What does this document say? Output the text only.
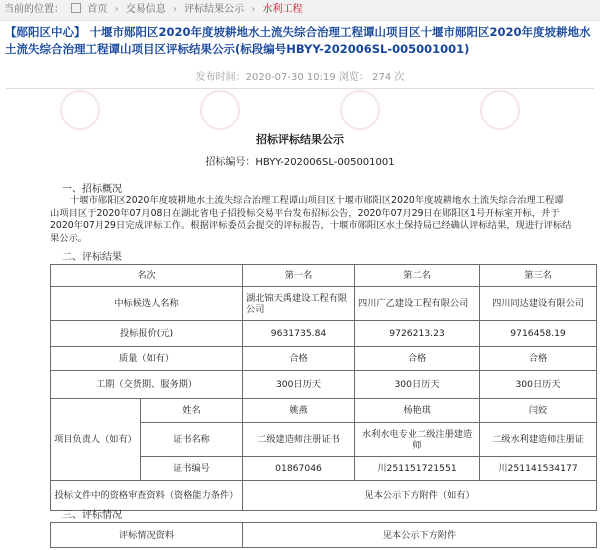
当前的位置： 首页 › 交易信息 › 评标结果公示 › 水利工程
【郧阳区中心】 十堰市郧阳区2020年度坡耕地水土流失综合治理工程谭山项目区十堰市郧阳区2020年度坡耕地水土流失综合治理工程谭山项目区评标结果公示(标段编号HBYY-202006SL-005001001)
发布时间：2020-07-30 10:19 浏览： 274 次
招标评标结果公示
招标编号：HBYY-202006SL-005001001
一、招标概况
十堰市郧阳区2020年度坡耕地水土流失综合治理工程谭山项目区十堰市郧阳区2020年度坡耕地水土流失综合治理工程谭山项目区于2020年07月08日在湖北省电子招投标交易平台发布招标公告，2020年07月29日在郧阳区1号开标室开标，并于2020年07月29日完成评标工作。根据评标委员会提交的评标报告，十堰市郧阳区水土保持局已经确认评标结果，现进行评标结果公示。
二、评标结果
名次		第一名	第二名	第三名
中标候选人名称		湖北锦天禹建设工程有限公司	四川广乙建设工程有限公司	四川同达建设有限公司
投标报价(元)		9631735.84	9726213.23	9716458.19
质量（如有）		合格	合格	合格
工期（交货期、服务期）		300日历天	300日历天	300日历天
项目负责人（如有）	姓名	姚燕	杨艳琪	闫姣
	证书名称	二级建造师注册证书	水利水电专业二级注册建造师	二级水利建造师注册证
	证书编号	01867046	川251151721551	川251141534177
投标文件中的资格审查资料（资格能力条件）		见本公示下方附件（如有）		
三、评标情况
评标情况资料	见本公示下方附件
